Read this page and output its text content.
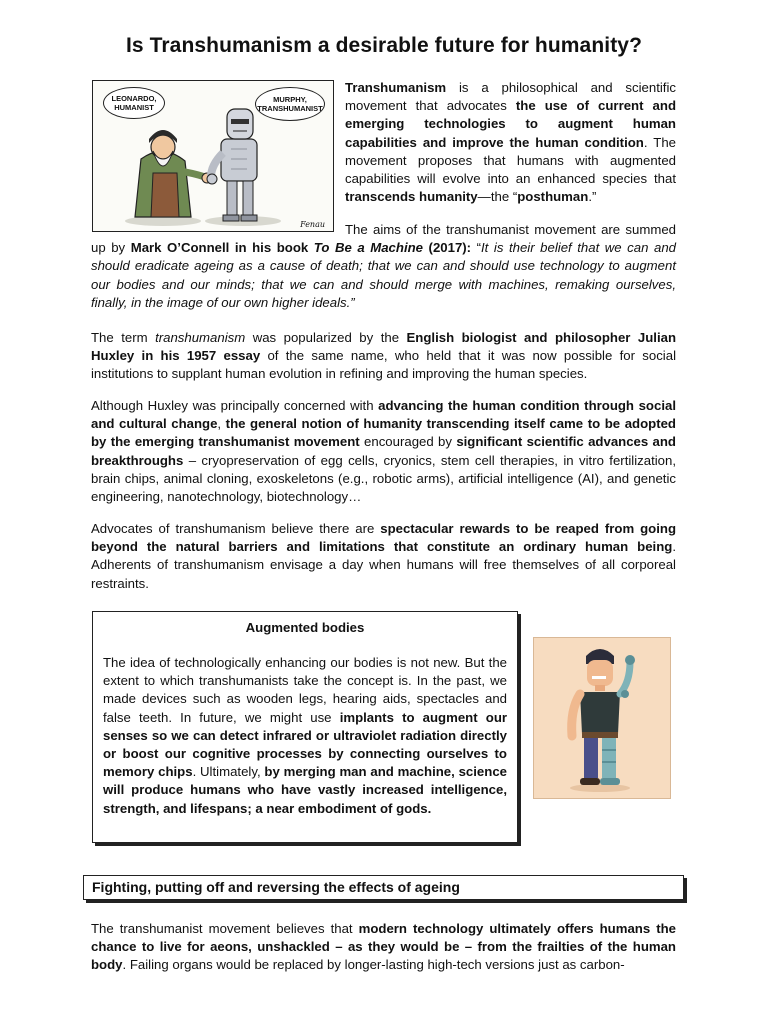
Is Transhumanism a desirable future for humanity?
LEONARDO, HUMANIST
MURPHY, TRANSHUMANIST
Fenau

Transhumanism is a philosophical and scientific movement that advocates the use of current and emerging technologies to augment human capabilities and improve the human condition. The movement proposes that humans with augmented capabilities will evolve into an enhanced species that transcends humanity—the “posthuman.”

The aims of the transhumanist movement are summed up by Mark O’Connell in his book To Be a Machine (2017): “It is their belief that we can and should eradicate ageing as a cause of death; that we can and should use technology to augment our bodies and our minds; that we can and should merge with machines, remaking ourselves, finally, in the image of our own higher ideals.”

The term transhumanism was popularized by the English biologist and philosopher Julian Huxley in his 1957 essay of the same name, who held that it was now possible for social institutions to supplant human evolution in refining and improving the human species.

Although Huxley was principally concerned with advancing the human condition through social and cultural change, the general notion of humanity transcending itself came to be adopted by the emerging transhumanist movement encouraged by significant scientific advances and breakthroughs – cryopreservation of egg cells, cryonics, stem cell therapies, in vitro fertilization, brain chips, animal cloning, exoskeletons (e.g., robotic arms), artificial intelligence (AI), and genetic engineering, nanotechnology, biotechnology…

Advocates of transhumanism believe there are spectacular rewards to be reaped from going beyond the natural barriers and limitations that constitute an ordinary human being. Adherents of transhumanism envisage a day when humans will free themselves of all corporeal restraints.

Augmented bodies

The idea of technologically enhancing our bodies is not new. But the extent to which transhumanists take the concept is. In the past, we made devices such as wooden legs, hearing aids, spectacles and false teeth. In future, we might use implants to augment our senses so we can detect infrared or ultraviolet radiation directly or boost our cognitive processes by connecting ourselves to memory chips. Ultimately, by merging man and machine, science will produce humans who have vastly increased intelligence, strength, and lifespans; a near embodiment of gods.

Fighting, putting off and reversing the effects of ageing

The transhumanist movement believes that modern technology ultimately offers humans the chance to live for aeons, unshackled – as they would be – from the frailties of the human body. Failing organs would be replaced by longer-lasting high-tech versions just as carbon-
